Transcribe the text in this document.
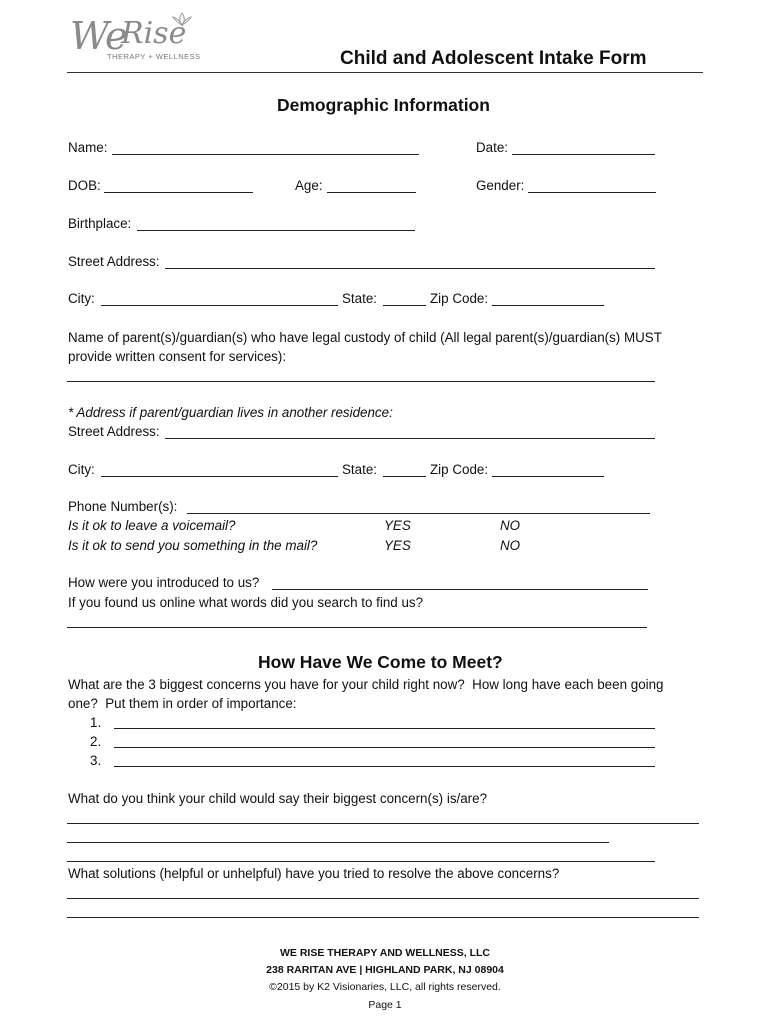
We
Rise
THERAPY + WELLNESS	Child and Adolescent Intake Form
Demographic Information
Name:	Date:
DOB:	Age:	Gender:
Birthplace:
Street Address:
City:	State:	Zip Code:
Name of parent(s)/guardian(s) who have legal custody of child (All legal parent(s)/guardian(s) MUST
provide written consent for services):
* Address if parent/guardian lives in another residence:
Street Address:
City:	State:	Zip Code:
Phone Number(s):
Is it ok to leave a voicemail?	YES	NO
Is it ok to send you something in the mail?	YES	NO
How were you introduced to us?
If you found us online what words did you search to find us?
How Have We Come to Meet?
What are the 3 biggest concerns you have for your child right now?  How long have each been going
one?  Put them in order of importance:
1.
2.
3.
What do you think your child would say their biggest concern(s) is/are?
What solutions (helpful or unhelpful) have you tried to resolve the above concerns?
WE RISE THERAPY AND WELLNESS, LLC
238 RARITAN AVE | HIGHLAND PARK, NJ 08904
©2015 by K2 Visionaries, LLC, all rights reserved.
Page 1
